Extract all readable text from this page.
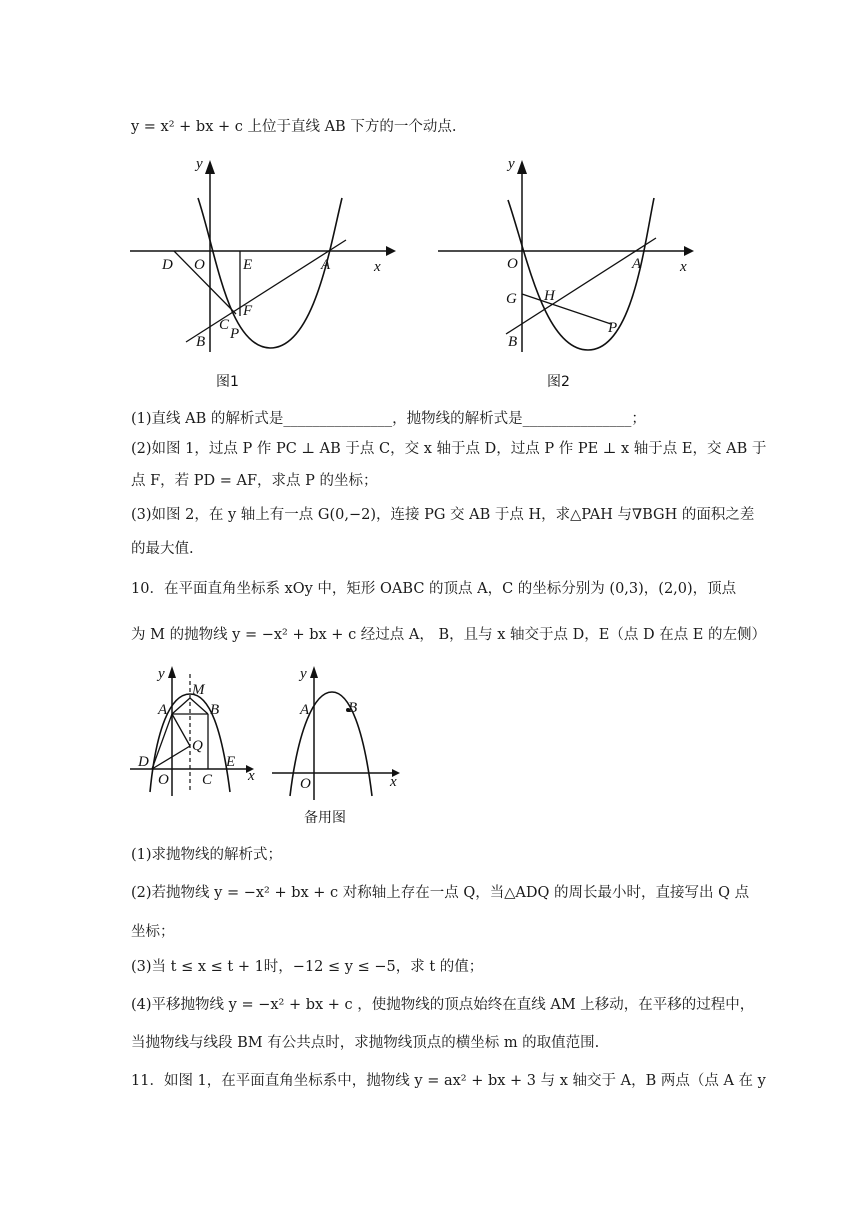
y = x² + bx + c 上位于直线 AB 下方的一个动点.
y
x
D O	E	A
F
C
P
B
图1
y
x
O	A
G H
B
P
图2
(1)直线 AB 的解析式是_______________，抛物线的解析式是_______________；
(2)如图 1，过点 P 作 PC ⊥ AB 于点 C，交 x 轴于点 D，过点 P 作 PE ⊥ x 轴于点 E，交 AB 于
点 F，若 PD = AF，求点 P 的坐标；
(3)如图 2，在 y 轴上有一点 G(0,−2)，连接 PG 交 AB 于点 H，求△PAH 与∇BGH 的面积之差
的最大值.
10．在平面直角坐标系 xOy 中，矩形 OABC 的顶点 A，C 的坐标分别为 (0,3)，(2,0)，顶点
为 M 的抛物线 y = −x² + bx + c 经过点 A， B，且与 x 轴交于点 D，E（点 D 在点 E 的左侧）
y
x
M
A	B
Q
D
O C
E
y
x
A	B
O
备用图
(1)求抛物线的解析式；
(2)若抛物线 y = −x² + bx + c 对称轴上存在一点 Q，当△ADQ 的周长最小时，直接写出 Q 点
坐标；
(3)当 t ≤ x ≤ t + 1时，−12 ≤ y ≤ −5，求 t 的值；
(4)平移抛物线 y = −x² + bx + c ，使抛物线的顶点始终在直线 AM 上移动，在平移的过程中，
当抛物线与线段 BM 有公共点时，求抛物线顶点的横坐标 m 的取值范围.
11．如图 1，在平面直角坐标系中，抛物线 y = ax² + bx + 3 与 x 轴交于 A，B 两点（点 A 在 y
